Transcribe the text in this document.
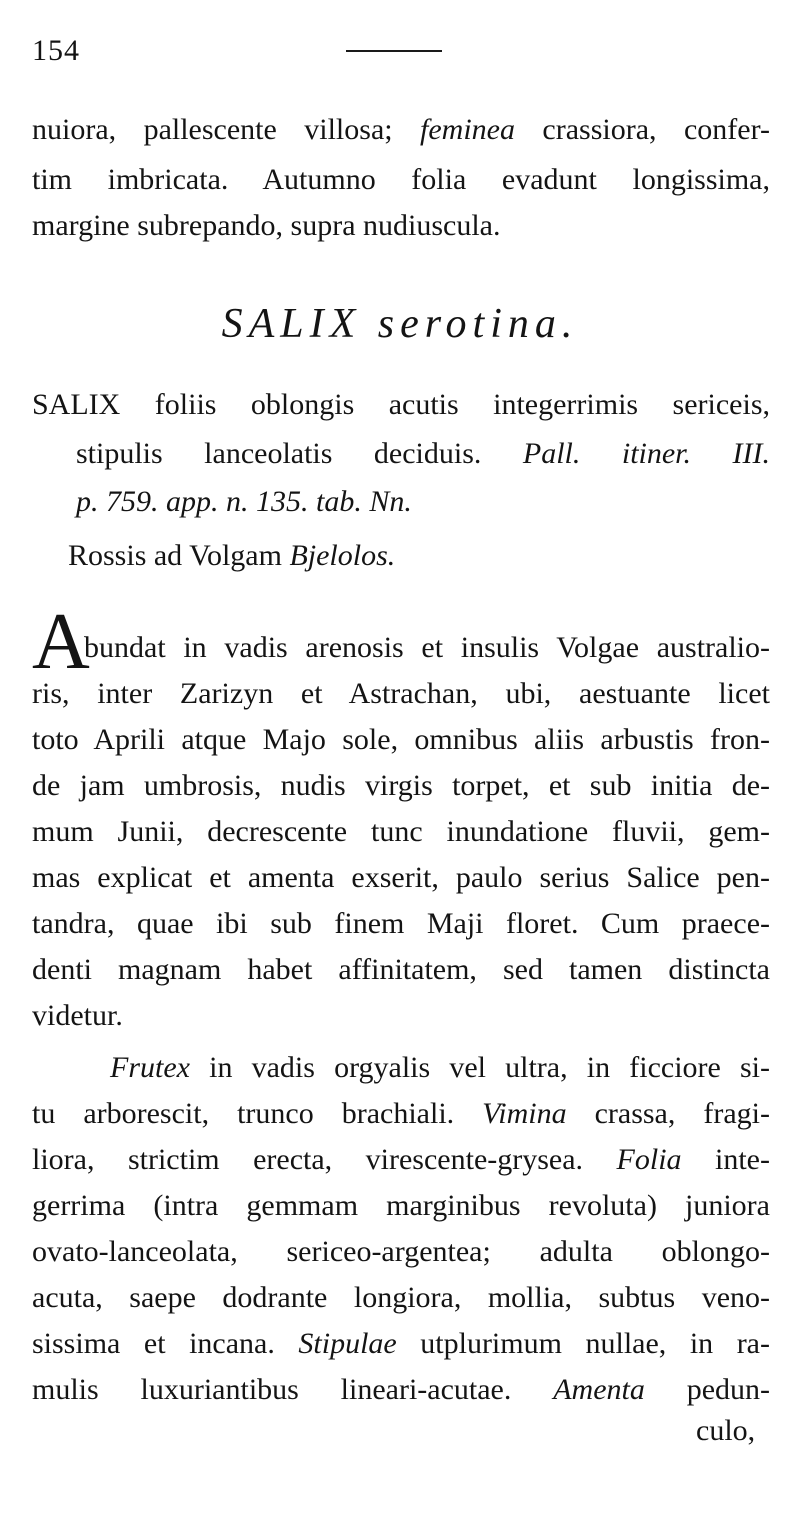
154
nuiora, pallescente villosa; feminea crassiora, confer-
tim imbricata. Autumno folia evadunt longissima,
margine subrepando, supra nudiuscula.
SALIX serotina.
SALIX foliis oblongis acutis integerrimis sericeis,
stipulis lanceolatis deciduis. Pall. itiner. III.
p. 759. app. n. 135. tab. Nn.
Rossis ad Volgam Bjelolos.
A
bundat in vadis arenosis et insulis Volgae australio-
ris, inter Zarizyn et Astrachan, ubi, aestuante licet
toto Aprili atque Majo sole, omnibus aliis arbustis fron-
de jam umbrosis, nudis virgis torpet, et sub initia de-
mum Junii, decrescente tunc inundatione fluvii, gem-
mas explicat et amenta exserit, paulo serius Salice pen-
tandra, quae ibi sub finem Maji floret. Cum praece-
denti magnam habet affinitatem, sed tamen distincta
videtur.
Frutex in vadis orgyalis vel ultra, in ficciore si-
tu arborescit, trunco brachiali. Vimina crassa, fragi-
liora, strictim erecta, virescente-grysea. Folia inte-
gerrima (intra gemmam marginibus revoluta) juniora
ovato-lanceolata, sericeo-argentea; adulta oblongo-
acuta, saepe dodrante longiora, mollia, subtus veno-
sissima et incana. Stipulae utplurimum nullae, in ra-
mulis luxuriantibus lineari-acutae. Amenta pedun-
culo,
